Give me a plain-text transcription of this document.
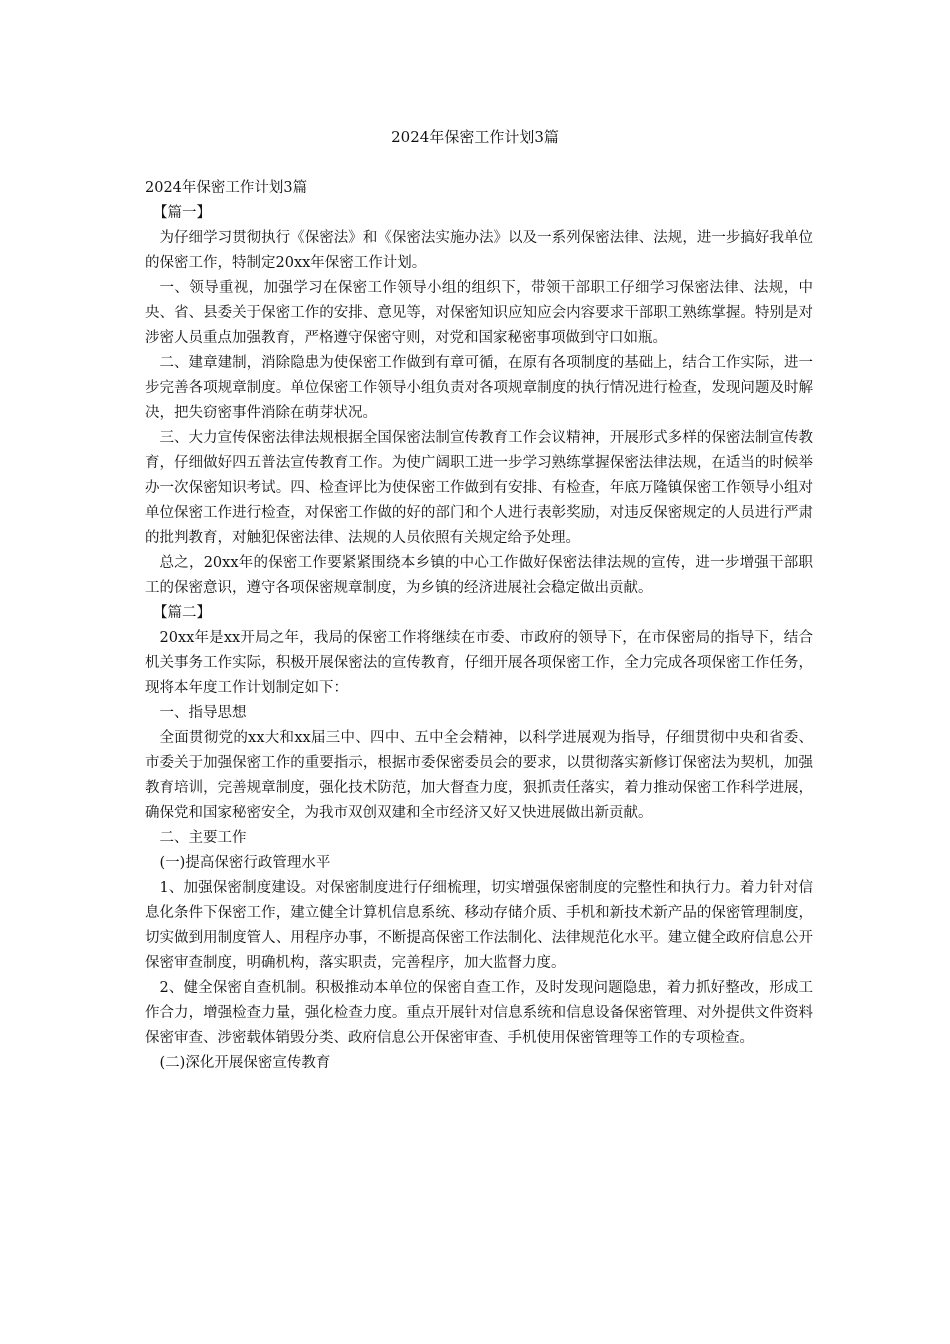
2024年保密工作计划3篇

2024年保密工作计划3篇

【篇一】

为仔细学习贯彻执行《保密法》和《保密法实施办法》以及一系列保密法律、法规，进一步搞好我单位的保密工作，特制定20xx年保密工作计划。

一、领导重视，加强学习在保密工作领导小组的组织下，带领干部职工仔细学习保密法律、法规，中央、省、县委关于保密工作的安排、意见等，对保密知识应知应会内容要求干部职工熟练掌握。特别是对涉密人员重点加强教育，严格遵守保密守则，对党和国家秘密事项做到守口如瓶。

二、建章建制，消除隐患为使保密工作做到有章可循，在原有各项制度的基础上，结合工作实际，进一步完善各项规章制度。单位保密工作领导小组负责对各项规章制度的执行情况进行检查，发现问题及时解决，把失窃密事件消除在萌芽状况。

三、大力宣传保密法律法规根据全国保密法制宣传教育工作会议精神，开展形式多样的保密法制宣传教育，仔细做好四五普法宣传教育工作。为使广阔职工进一步学习熟练掌握保密法律法规，在适当的时候举办一次保密知识考试。四、检查评比为使保密工作做到有安排、有检查，年底万隆镇保密工作领导小组对单位保密工作进行检查，对保密工作做的好的部门和个人进行表彰奖励，对违反保密规定的人员进行严肃的批判教育，对触犯保密法律、法规的人员依照有关规定给予处理。

总之，20xx年的保密工作要紧紧围绕本乡镇的中心工作做好保密法律法规的宣传，进一步增强干部职工的保密意识，遵守各项保密规章制度，为乡镇的经济进展社会稳定做出贡献。

【篇二】

20xx年是xx开局之年，我局的保密工作将继续在市委、市政府的领导下，在市保密局的指导下，结合机关事务工作实际，积极开展保密法的宣传教育，仔细开展各项保密工作，全力完成各项保密工作任务，现将本年度工作计划制定如下：

一、指导思想

全面贯彻党的xx大和xx届三中、四中、五中全会精神，以科学进展观为指导，仔细贯彻中央和省委、市委关于加强保密工作的重要指示，根据市委保密委员会的要求，以贯彻落实新修订保密法为契机，加强教育培训，完善规章制度，强化技术防范，加大督查力度，狠抓责任落实，着力推动保密工作科学进展，确保党和国家秘密安全，为我市双创双建和全市经济又好又快进展做出新贡献。

二、主要工作

(一)提高保密行政管理水平

1、加强保密制度建设。对保密制度进行仔细梳理，切实增强保密制度的完整性和执行力。着力针对信息化条件下保密工作，建立健全计算机信息系统、移动存储介质、手机和新技术新产品的保密管理制度，切实做到用制度管人、用程序办事，不断提高保密工作法制化、法律规范化水平。建立健全政府信息公开保密审查制度，明确机构，落实职责，完善程序，加大监督力度。

2、健全保密自查机制。积极推动本单位的保密自查工作，及时发现问题隐患，着力抓好整改，形成工作合力，增强检查力量，强化检查力度。重点开展针对信息系统和信息设备保密管理、对外提供文件资料保密审查、涉密载体销毁分类、政府信息公开保密审查、手机使用保密管理等工作的专项检查。

(二)深化开展保密宣传教育
